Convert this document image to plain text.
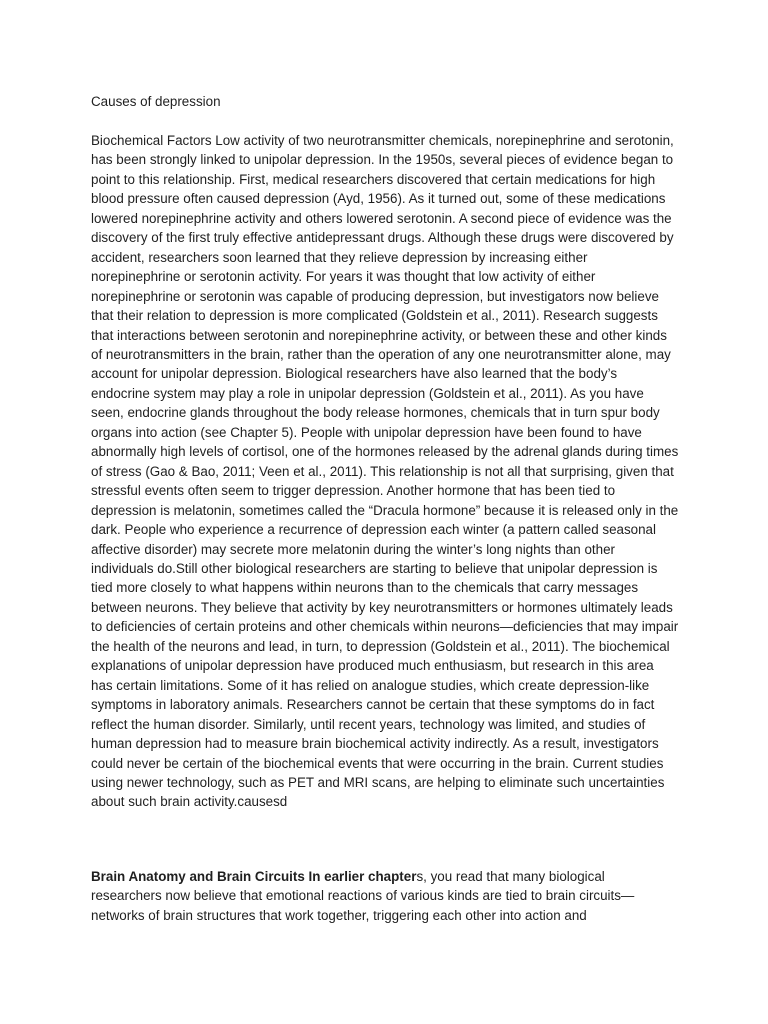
Causes of depression

Biochemical Factors Low activity of two neurotransmitter chemicals, norepinephrine and serotonin, has been strongly linked to unipolar depression. In the 1950s, several pieces of evidence began to point to this relationship. First, medical researchers discovered that certain medications for high blood pressure often caused depression (Ayd, 1956). As it turned out, some of these medications lowered norepinephrine activity and others lowered serotonin. A second piece of evidence was the discovery of the first truly effective antidepressant drugs. Although these drugs were discovered by accident, researchers soon learned that they relieve depression by increasing either norepinephrine or serotonin activity. For years it was thought that low activity of either norepinephrine or serotonin was capable of producing depression, but investigators now believe that their relation to depression is more complicated (Goldstein et al., 2011). Research suggests that interactions between serotonin and norepinephrine activity, or between these and other kinds of neurotransmitters in the brain, rather than the operation of any one neurotransmitter alone, may account for unipolar depression. Biological researchers have also learned that the body’s endocrine system may play a role in unipolar depression (Goldstein et al., 2011). As you have seen, endocrine glands throughout the body release hormones, chemicals that in turn spur body organs into action (see Chapter 5). People with unipolar depression have been found to have abnormally high levels of cortisol, one of the hormones released by the adrenal glands during times of stress (Gao & Bao, 2011; Veen et al., 2011). This relationship is not all that surprising, given that stressful events often seem to trigger depression. Another hormone that has been tied to depression is melatonin, sometimes called the “Dracula hormone” because it is released only in the dark. People who experience a recurrence of depression each winter (a pattern called seasonal affective disorder) may secrete more melatonin during the winter’s long nights than other individuals do.Still other biological researchers are starting to believe that unipolar depression is tied more closely to what happens within neurons than to the chemicals that carry messages between neurons. They believe that activity by key neurotransmitters or hormones ultimately leads to deficiencies of certain proteins and other chemicals within neurons—deficiencies that may impair the health of the neurons and lead, in turn, to depression (Goldstein et al., 2011). The biochemical explanations of unipolar depression have produced much enthusiasm, but research in this area has certain limitations. Some of it has relied on analogue studies, which create depression-like symptoms in laboratory animals. Researchers cannot be certain that these symptoms do in fact reflect the human disorder. Similarly, until recent years, technology was limited, and studies of human depression had to measure brain biochemical activity indirectly. As a result, investigators could never be certain of the biochemical events that were occurring in the brain. Current studies using newer technology, such as PET and MRI scans, are helping to eliminate such uncertainties about such brain activity.causesd

Brain Anatomy and Brain Circuits In earlier chapters, you read that many biological researchers now believe that emotional reactions of various kinds are tied to brain circuits—networks of brain structures that work together, triggering each other into action and
